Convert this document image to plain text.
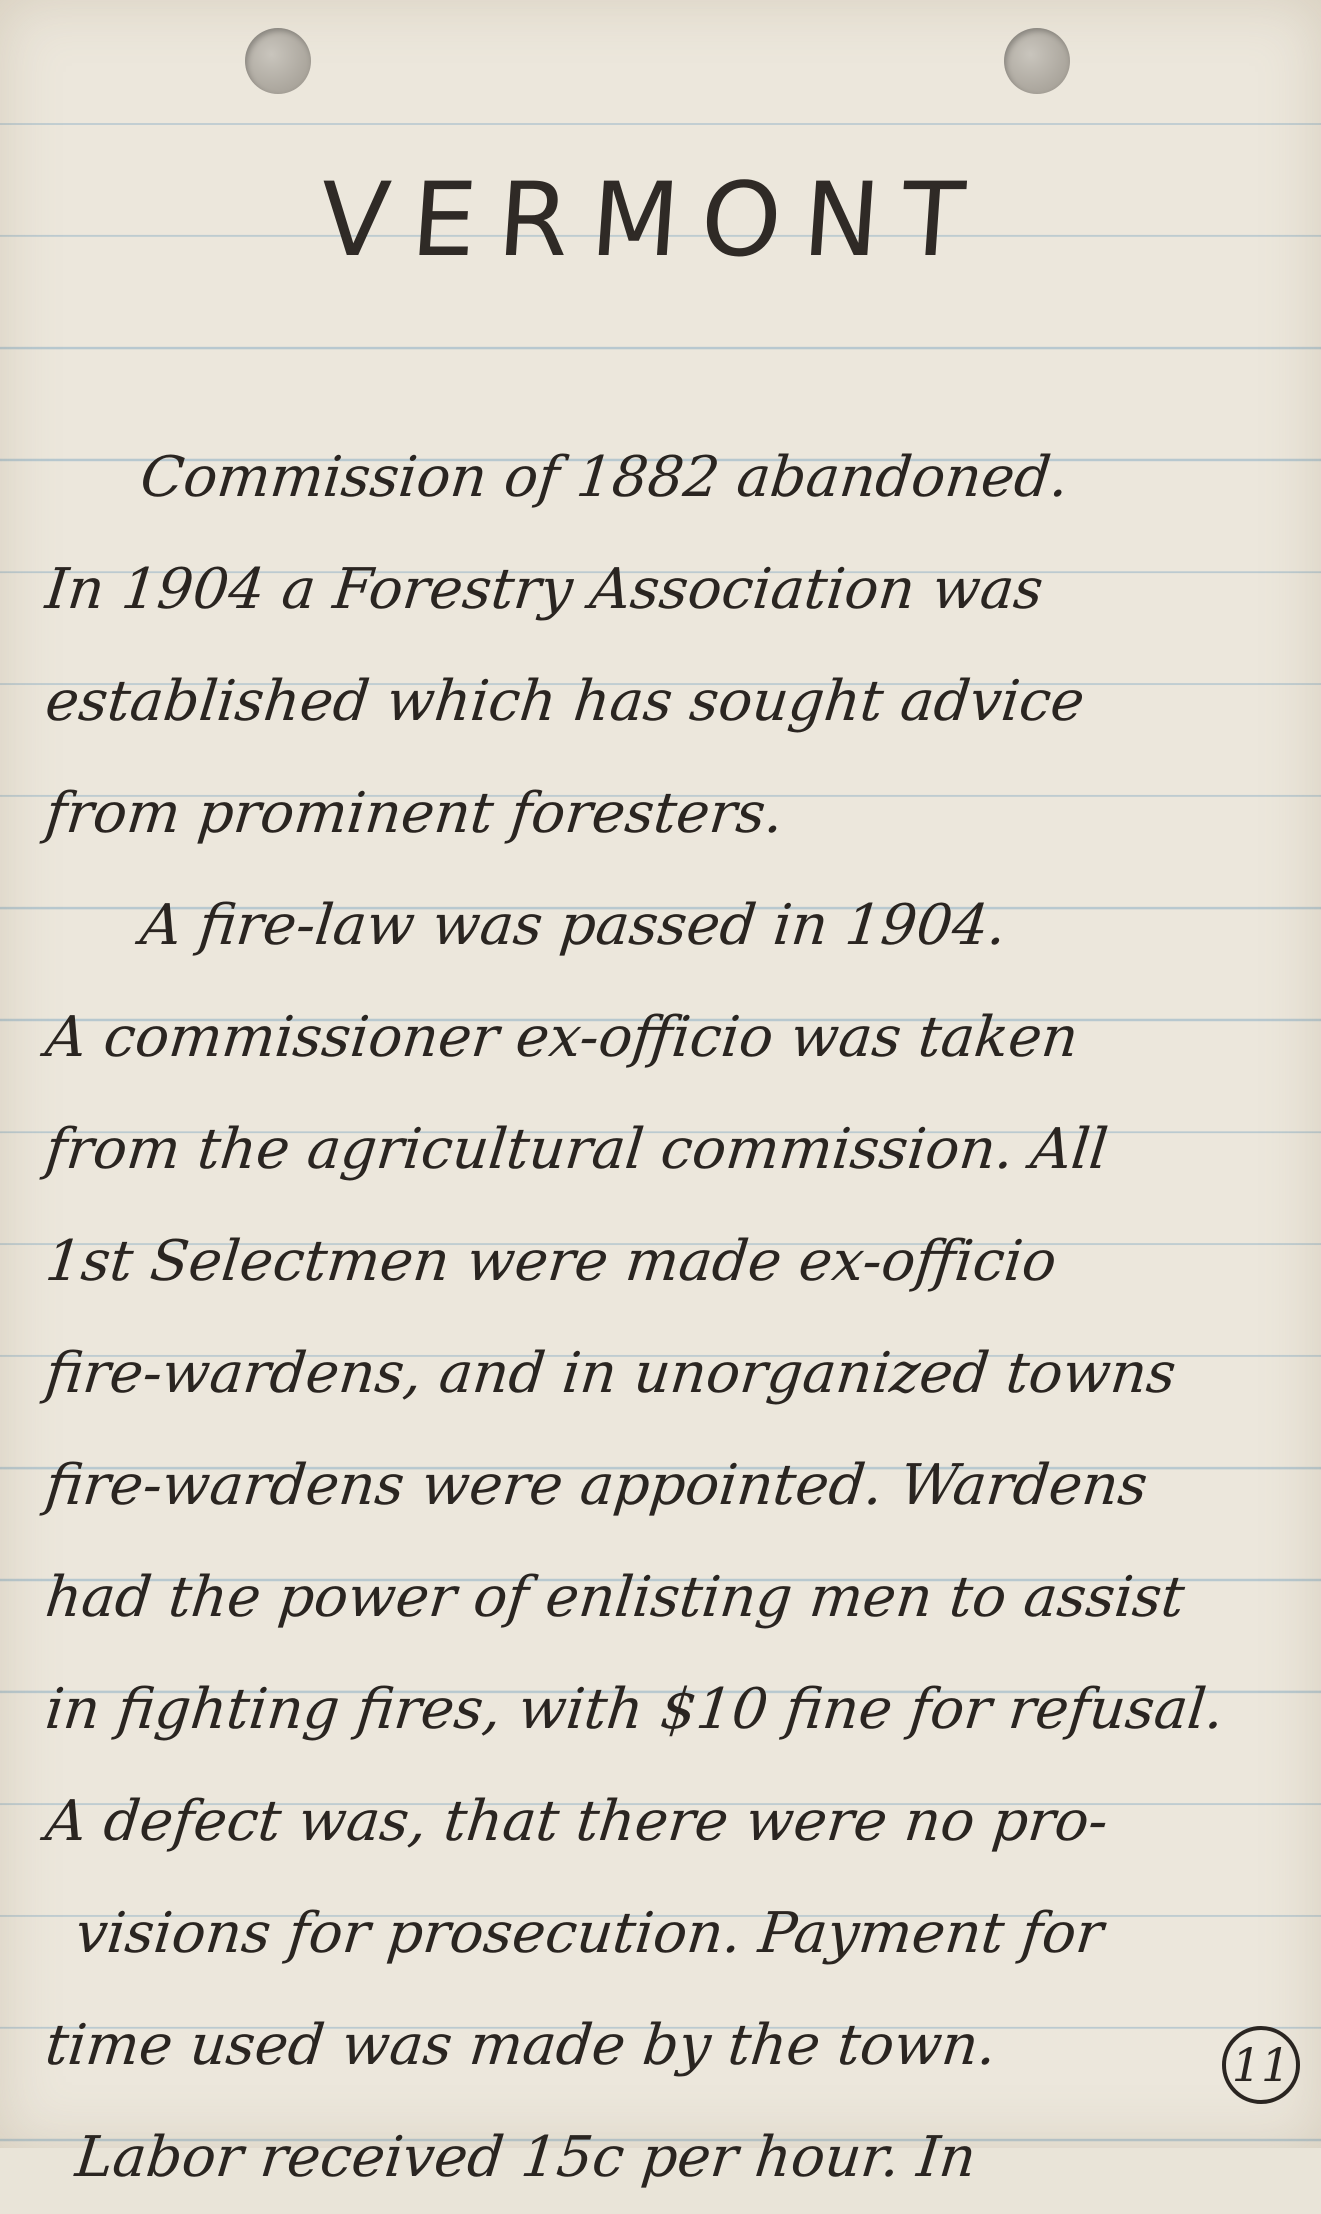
VERMONT
Commission of 1882 abandoned.
In 1904 a Forestry Association was
established which has sought advice
from prominent foresters.
A fire-law was passed in 1904.
A commissioner ex-officio was taken
from the agricultural commission. All
1st Selectmen were made ex-officio
fire-wardens, and in unorganized towns
fire-wardens were appointed. Wardens
had the power of enlisting men to assist
in fighting fires, with $10 fine for refusal.
A defect was, that there were no pro-
visions for prosecution. Payment for
time used was made by the town.
Labor received 15c per hour. In
11
